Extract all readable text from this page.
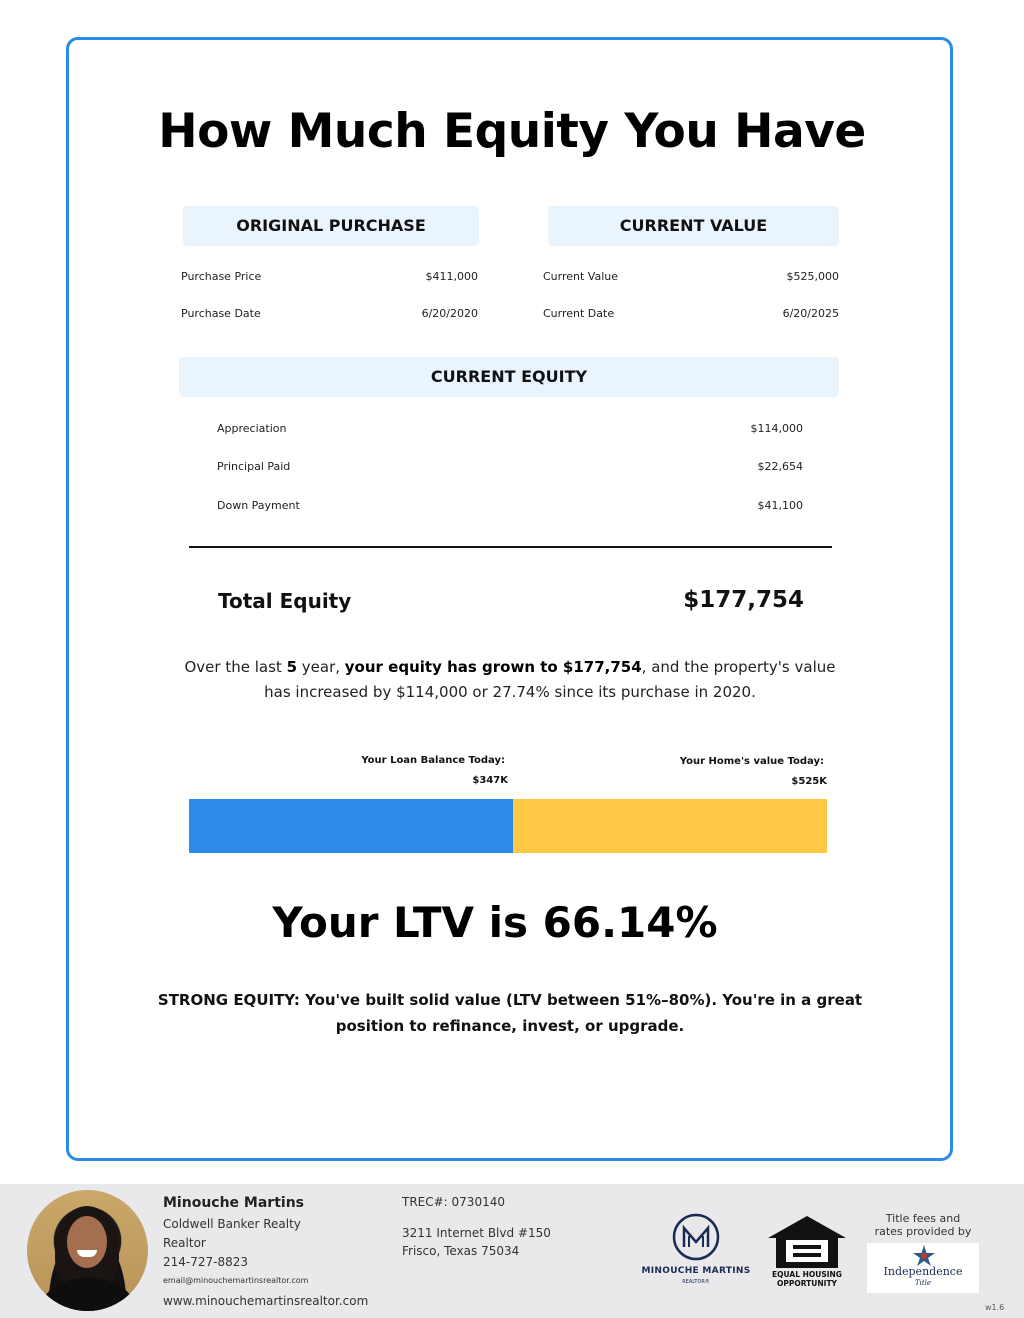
How Much Equity You Have
ORIGINAL PURCHASE
Purchase Price	$411,000
Purchase Date	6/20/2020
CURRENT VALUE
Current Value	$525,000
Current Date	6/20/2025
CURRENT EQUITY
Appreciation	$114,000
Principal Paid	$22,654
Down Payment	$41,100
Total Equity	$177,754
Over the last 5 year, your equity has grown to $177,754, and the property's value
has increased by $114,000 or 27.74% since its purchase in 2020.
Your Loan Balance Today:
$347K
Your Home's value Today:
$525K
Your LTV is 66.14%
STRONG EQUITY: You've built solid value (LTV between 51%–80%). You're in a great
position to refinance, invest, or upgrade.
Minouche Martins
Coldwell Banker Realty
Realtor
214-727-8823
email@minouchemartinsrealtor.com
www.minouchemartinsrealtor.com
TREC#: 0730140
3211 Internet Blvd #150
Frisco, Texas 75034
MINOUCHE MARTINS
REALTOR®
EQUAL HOUSING
OPPORTUNITY
Title fees and
rates provided by
Independence
Title
w1.6
